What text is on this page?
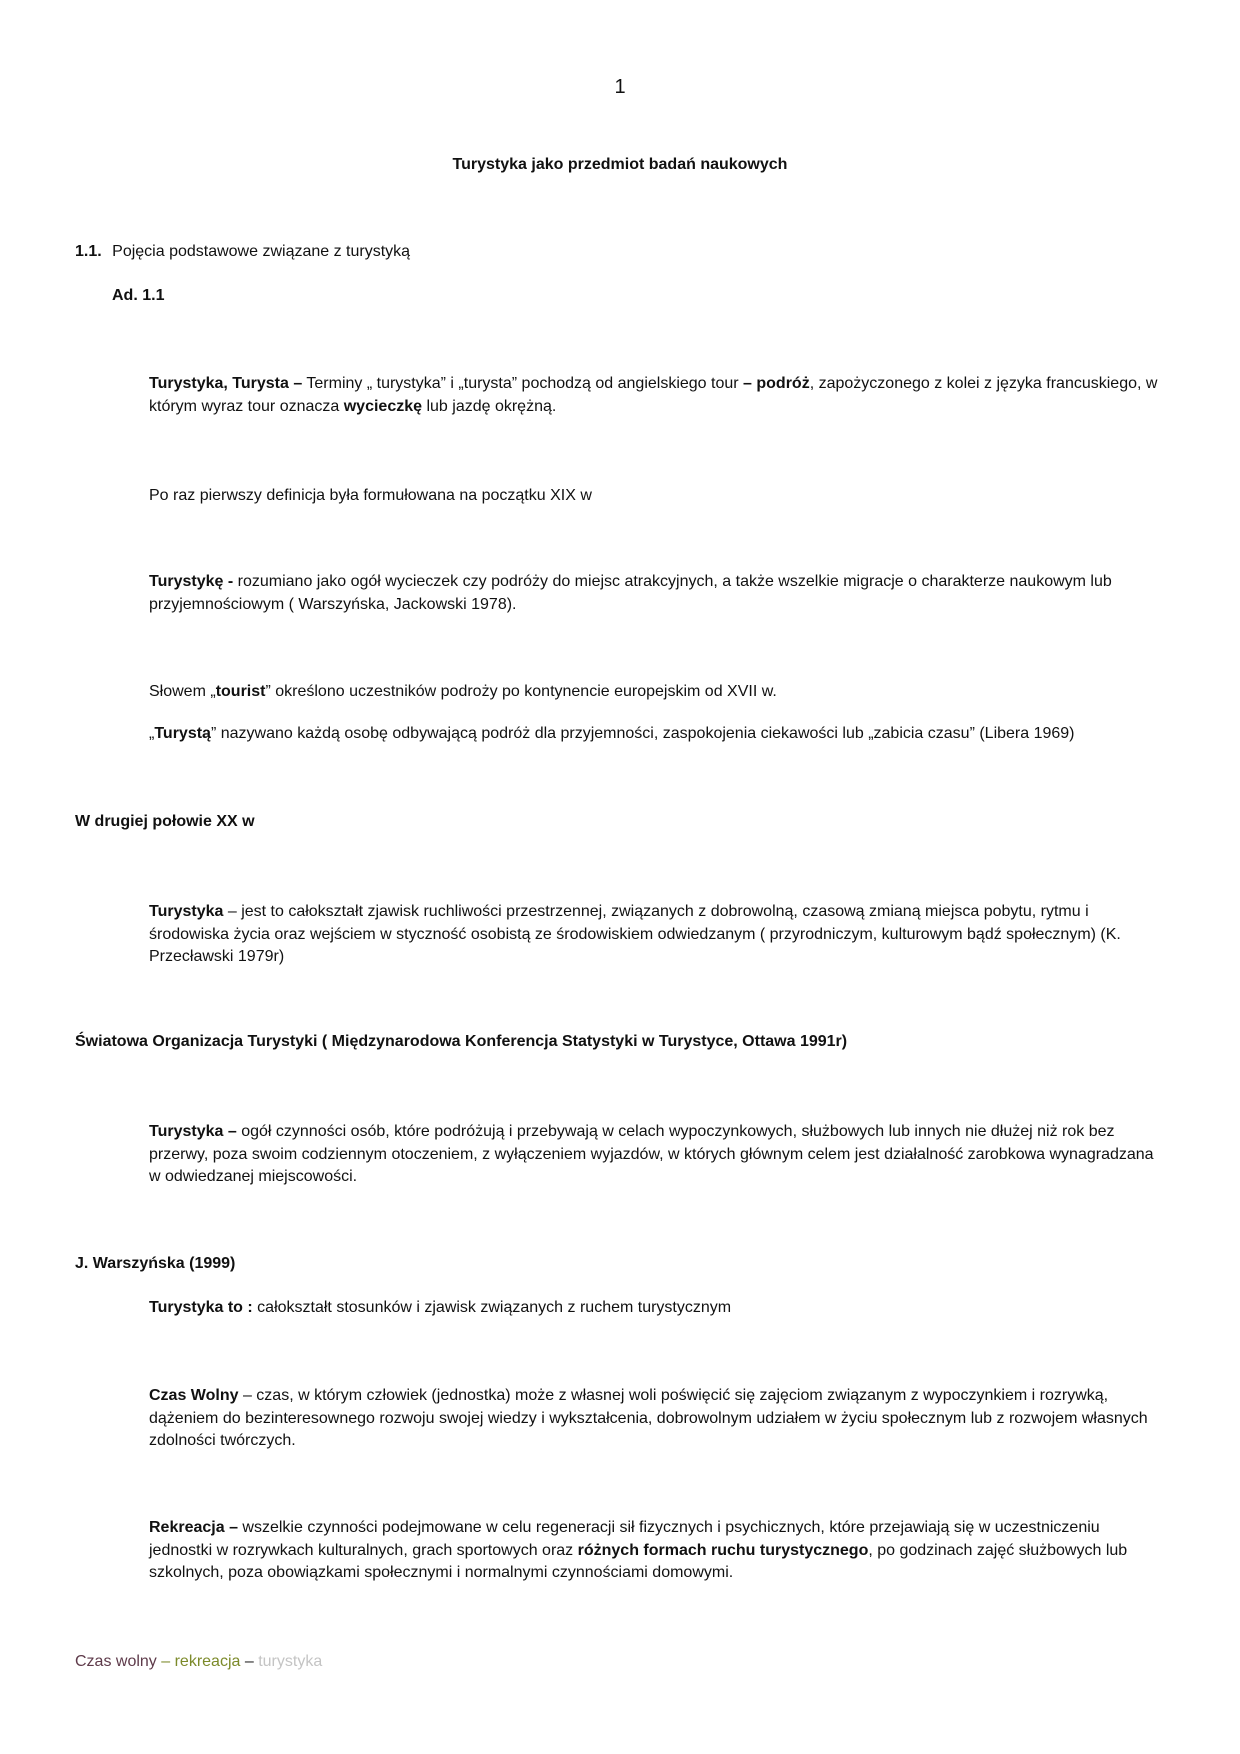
1
Turystyka jako przedmiot badań naukowych
1.1. Pojęcia podstawowe związane z turystyką
Ad. 1.1
Turystyka, Turysta – Terminy „ turystyka” i „turysta” pochodzą od angielskiego tour – podróż, zapożyczonego z kolei z języka francuskiego, w którym wyraz tour oznacza wycieczkę lub jazdę okrężną.
Po raz pierwszy definicja była formułowana na początku XIX w
Turystykę - rozumiano jako ogół wycieczek czy podróży do miejsc atrakcyjnych, a także wszelkie migracje o charakterze naukowym lub przyjemnościowym ( Warszyńska, Jackowski 1978).
Słowem „tourist” określono uczestników podroży po kontynencie europejskim od XVII w.
„Turystą” nazywano każdą osobę odbywającą podróż dla przyjemności, zaspokojenia ciekawości lub „zabicia czasu” (Libera 1969)
W drugiej połowie XX w
Turystyka – jest to całokształt zjawisk ruchliwości przestrzennej, związanych z dobrowolną, czasową zmianą miejsca pobytu, rytmu i środowiska życia oraz wejściem w styczność osobistą ze środowiskiem odwiedzanym ( przyrodniczym, kulturowym bądź społecznym) (K. Przecławski 1979r)
Światowa Organizacja Turystyki ( Międzynarodowa Konferencja Statystyki w Turystyce, Ottawa 1991r)
Turystyka – ogół czynności osób, które podróżują i przebywają w celach wypoczynkowych, służbowych lub innych nie dłużej niż rok bez przerwy, poza swoim codziennym otoczeniem, z wyłączeniem wyjazdów, w których głównym celem jest działalność zarobkowa wynagradzana w odwiedzanej miejscowości.
J. Warszyńska (1999)
Turystyka to : całokształt stosunków i zjawisk związanych z ruchem turystycznym
Czas Wolny – czas, w którym człowiek (jednostka) może z własnej woli poświęcić się zajęciom związanym z wypoczynkiem i rozrywką, dążeniem do bezinteresownego rozwoju swojej wiedzy i wykształcenia, dobrowolnym udziałem w życiu społecznym lub z rozwojem własnych zdolności twórczych.
Rekreacja – wszelkie czynności podejmowane w celu regeneracji sił fizycznych i psychicznych, które przejawiają się w uczestniczeniu jednostki w rozrywkach kulturalnych, grach sportowych oraz różnych formach ruchu turystycznego, po godzinach zajęć służbowych lub szkolnych, poza obowiązkami społecznymi i normalnymi czynnościami domowymi.
Czas wolny – rekreacja – turystyka
